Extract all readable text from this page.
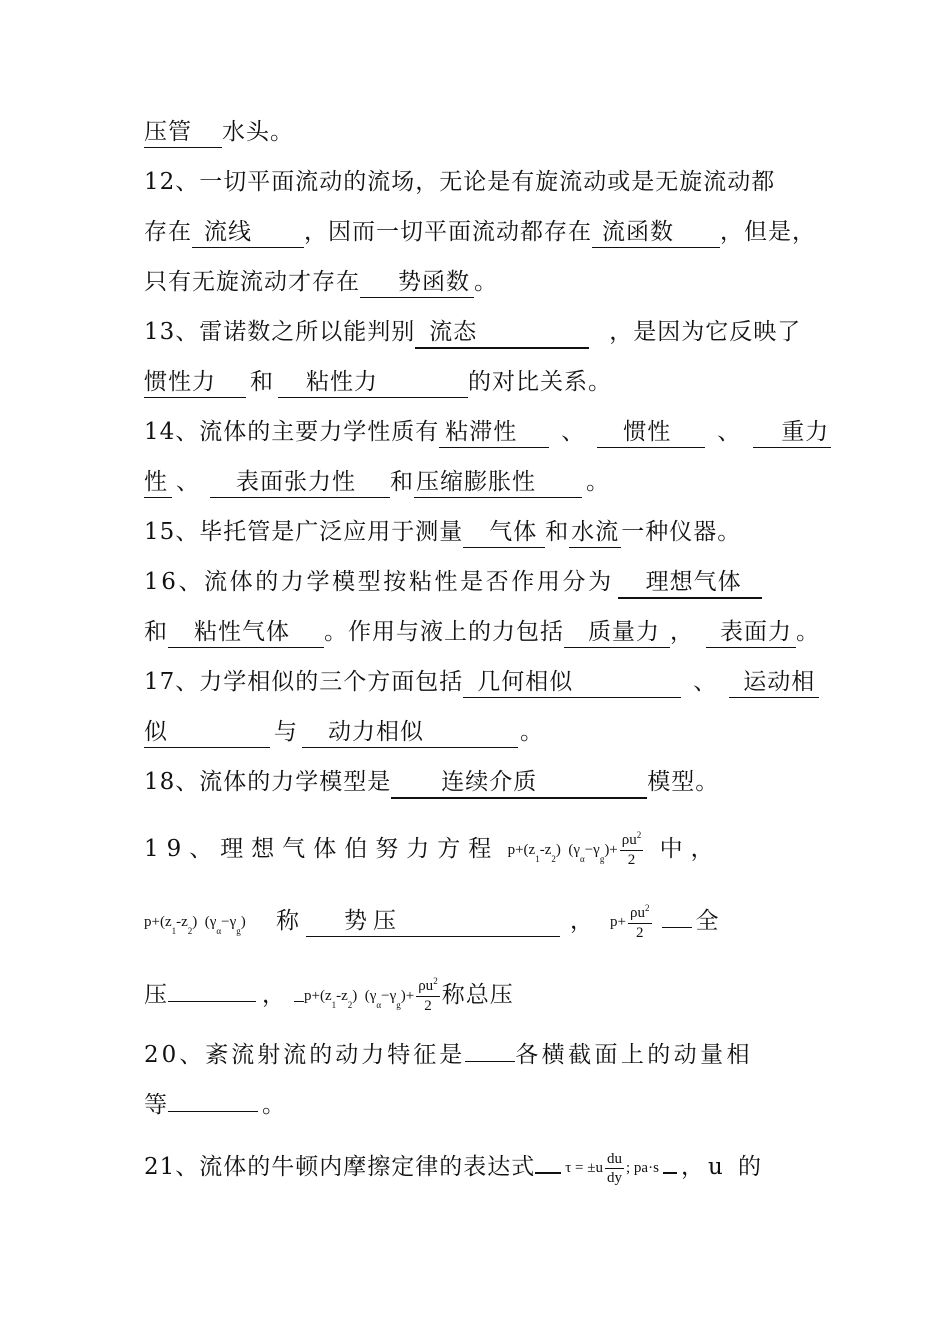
压管 水头。
12、一切平面流动的流场，无论是有旋流动或是无旋流动都
存在 流线 ，因而一切平面流动都存在 流函数 ，但是，
只有无旋流动才存在 势函数 。
13、雷诺数之所以能判别 流态	，是因为它反映了
惯性力 和 粘性力	的对比关系。
14、流体的主要力学性质有 粘滞性 、 惯性 、 重力
性 、 表面张力性 和压缩膨胀性 。
15、毕托管是广泛应用于测量 气体 和水流一种仪器。
16、流体的力学模型按粘性是否作用分为 理想气体
和 粘性气体 。作用与液上的力包括 质量力 ， 表面力 。
17、力学相似的三个方面包括 几何相似	、 运动相
似	与 动力相似	。
18、流体的力学模型是 连续介质	模型。
19、理想气体伯努力方程 $p+(z_1-z_2)$ $(\gamma_\alpha-\gamma_g)+ \frac{\rho u^2}{2}$ 中，
$p+(z_1-z_2)$ $(\gamma_\alpha-\gamma_g)$ 称 势压	， $p+ \frac{\rho u^2}{2}$ 全
压	， $p+(z_1-z_2)$ $(\gamma_\alpha-\gamma_g)+ \frac{\rho u^2}{2}$ 称总压
20、紊流射流的动力特征是 各横截面上的动量相
等	。
21、流体的牛顿内摩擦定律的表达式 $\tau = \pm u \frac{du}{dy}$ ; pa·s ，u 的
